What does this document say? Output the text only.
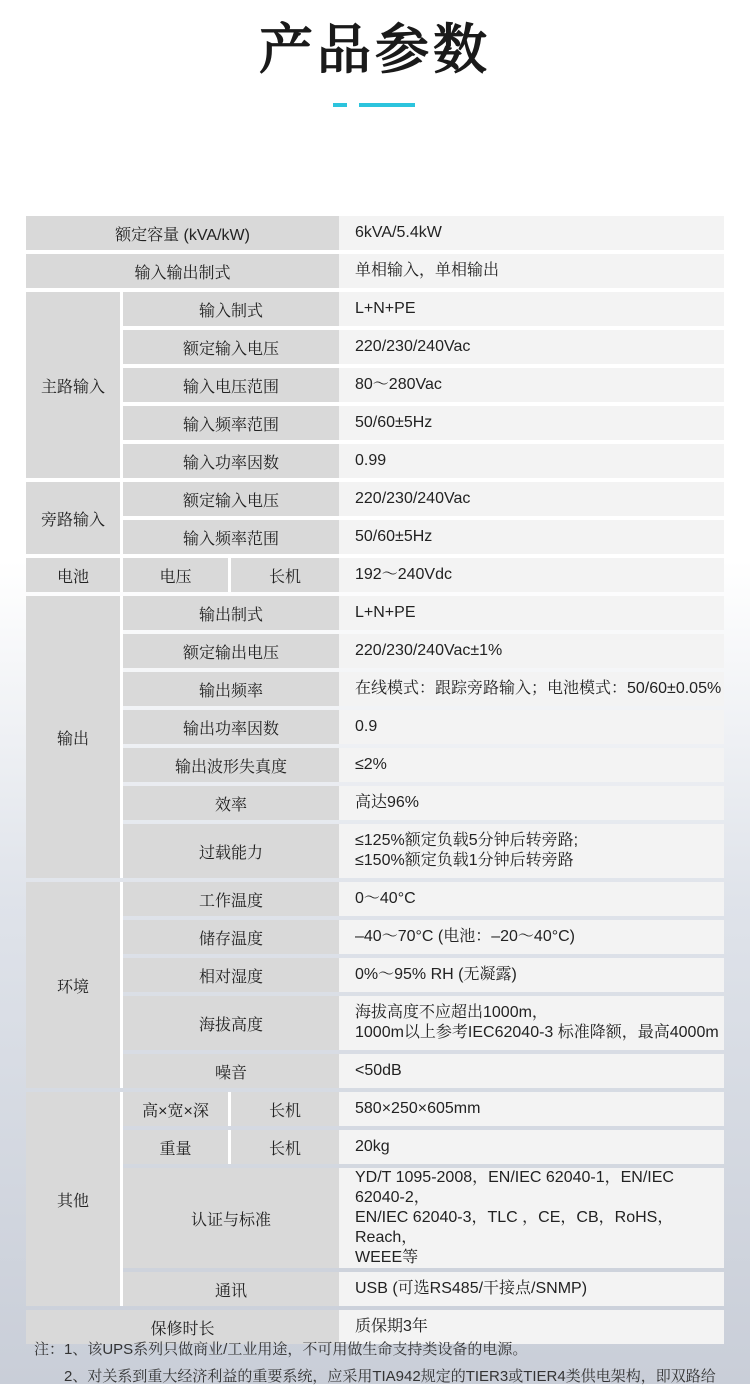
产品参数
额定容量 (kVA/kW)			6kVA/5.4kW
输入输出制式			单相输入，单相输出
主路输入	输入制式		L+N+PE
	额定输入电压		220/230/240Vac
	输入电压范围		80～280Vac
	输入频率范围		50/60±5Hz
	输入功率因数		0.99
旁路输入	额定输入电压		220/230/240Vac
	输入频率范围		50/60±5Hz
电池	电压	长机	192～240Vdc
输出	输出制式		L+N+PE
	额定输出电压		220/230/240Vac±1%
	输出频率		在线模式：跟踪旁路输入；电池模式：50/60±0.05%
	输出功率因数		0.9
	输出波形失真度		≤2%
	效率		高达96%
	过载能力		≤125%额定负载5分钟后转旁路;
≤150%额定负载1分钟后转旁路

环境	工作温度		0～40°C
	储存温度		–40～70°C (电池：–20～40°C)
	相对湿度		0%～95% RH (无凝露)
	海拔高度		海拔高度不应超出1000m，
1000m以上参考IEC62040-3 标准降额，最高4000m

	噪音		<50dB
其他	高×宽×深	长机	580×250×605mm
	重量	长机	20kg
	认证与标准		YD/T 1095-2008，EN/IEC 62040-1，EN/IEC 62040-2，
EN/IEC 62040-3，TLC ，CE，CB，RoHS，Reach，
WEEE等

	通讯		USB (可选RS485/干接点/SNMP)
保修时长			质保期3年
注：1、该UPS系列只做商业/工业用途，不可用做生命支持类设备的电源。
2、对关系到重大经济利益的重要系统，应采用TIA942规定的TIER3或TIER4类供电架构，即双路给
